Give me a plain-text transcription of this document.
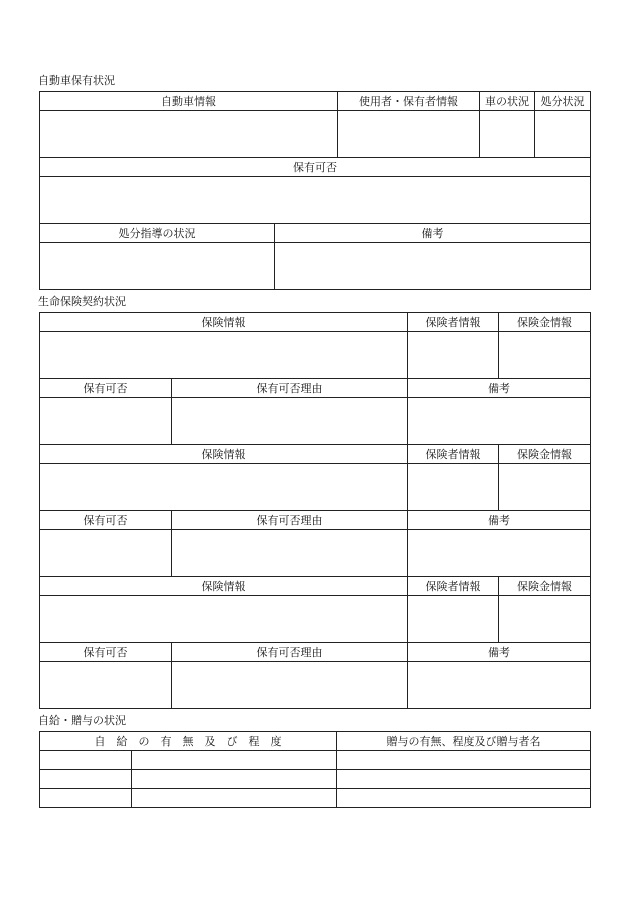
自動車保有状況
自動車情報		使用者・保有者情報	車の状況	処分状況

保有可否				

処分指導の状況	備考			

生命保険契約状況
保険情報		保険者情報	保険金情報

保有可否	保有可否理由	備考	

保険情報		保険者情報	保険金情報

保有可否	保有可否理由	備考	

保険情報		保険者情報	保険金情報

保有可否	保有可否理由	備考	

自給・贈与の状況
自給の有無及び程度		贈与の有無、程度及び贈与者名
